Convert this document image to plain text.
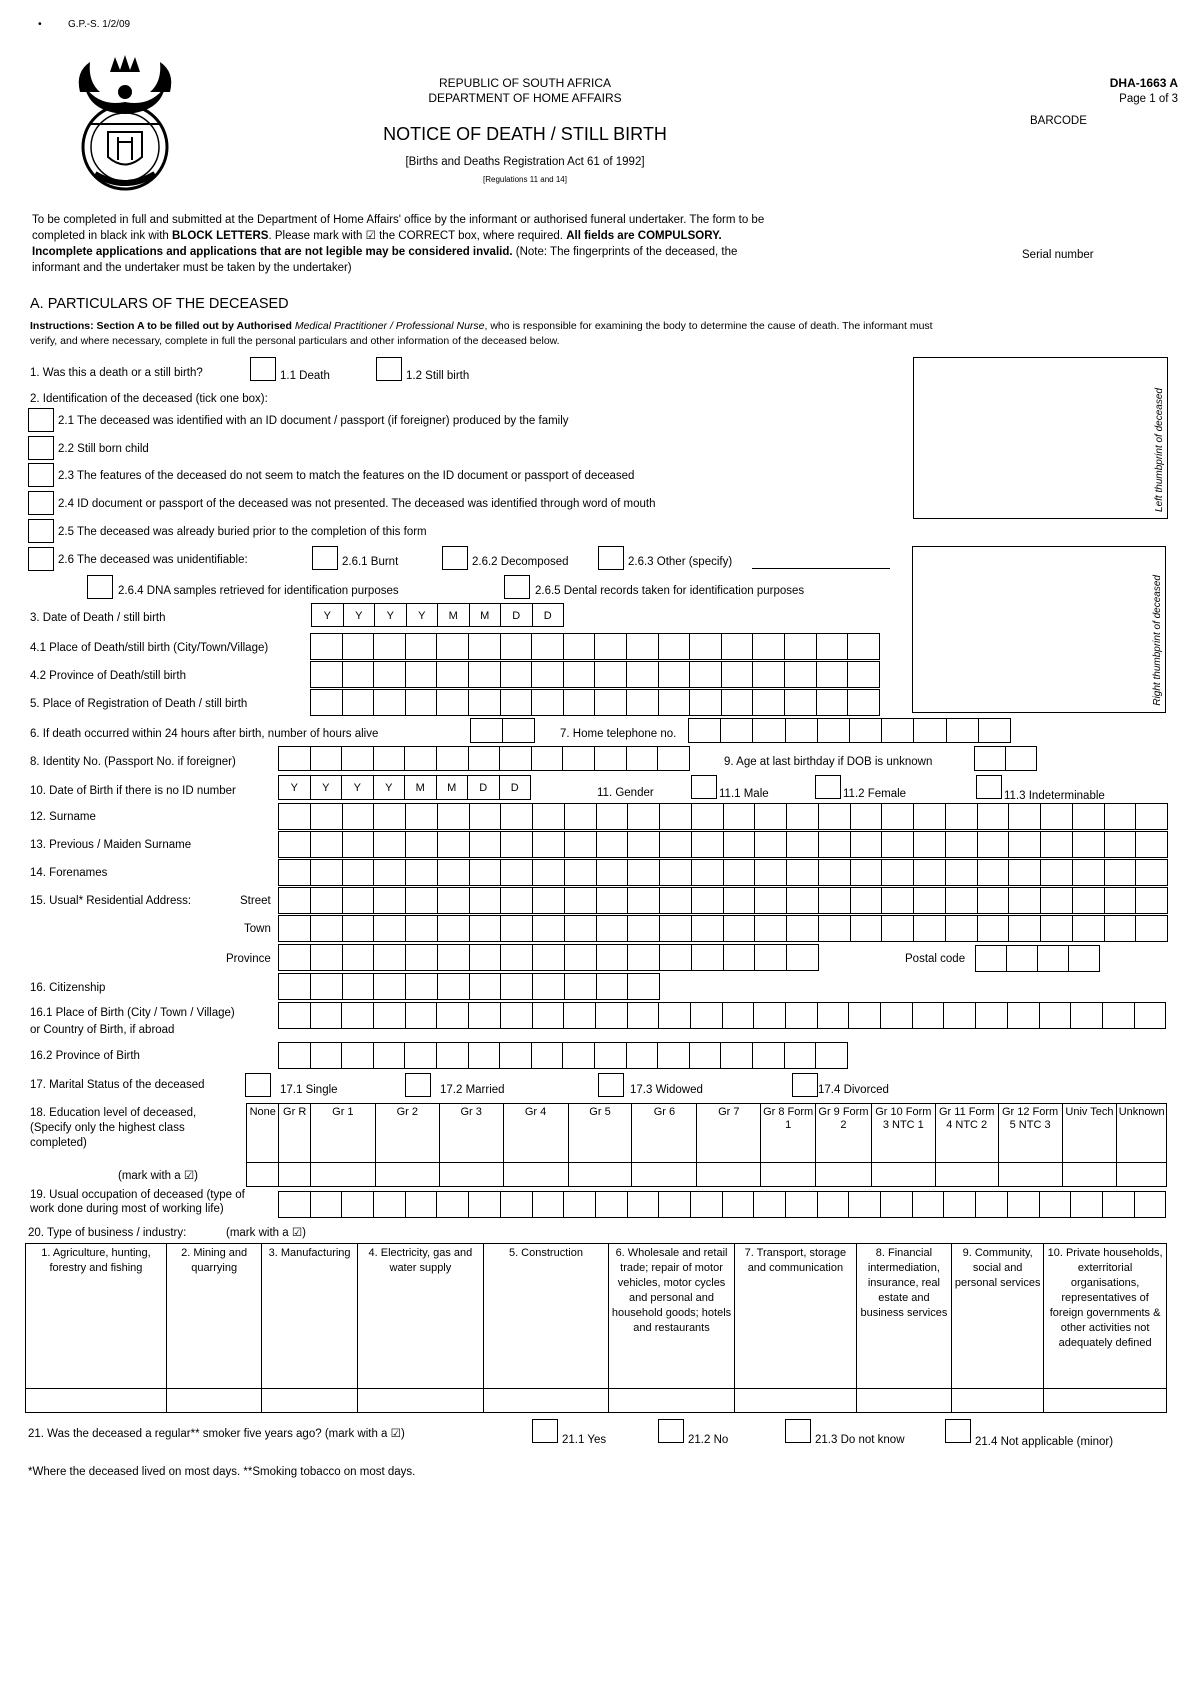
•	G.P.-S. 1/2/09
REPUBLIC OF SOUTH AFRICA
DEPARTMENT OF HOME AFFAIRS
NOTICE OF DEATH / STILL BIRTH
[Births and Deaths Registration Act 61 of 1992]
[Regulations 11 and 14]
DHA-1663 A
Page 1 of 3
BARCODE
To be completed in full and submitted at the Department of Home Affairs' office by the informant or authorised funeral undertaker. The form to be
completed in black ink with BLOCK LETTERS. Please mark with ☑ the CORRECT box, where required. All fields are COMPULSORY.
Incomplete applications and applications that are not legible may be considered invalid. (Note: The fingerprints of the deceased, the
informant and the undertaker must be taken by the undertaker)
Serial number
A. PARTICULARS OF THE DECEASED
Instructions: Section A to be filled out by Authorised Medical Practitioner / Professional Nurse, who is responsible for examining the body to determine the cause of death. The informant must
verify, and where necessary, complete in full the personal particulars and other information of the deceased below.
Left thumbprint of deceased
Right thumbprint of deceased
1. Was this a death or a still birth?	1.1 Death	1.2 Still birth
2. Identification of the deceased (tick one box):
2.1 The deceased was identified with an ID document / passport (if foreigner) produced by the family
2.2 Still born child
2.3 The features of the deceased do not seem to match the features on the ID document or passport of deceased
2.4 ID document or passport of the deceased was not presented. The deceased was identified through word of mouth
2.5 The deceased was already buried prior to the completion of this form
2.6 The deceased was unidentifiable:	2.6.1 Burnt	2.6.2 Decomposed	2.6.3 Other (specify)
2.6.4 DNA samples retrieved for identification purposes	2.6.5 Dental records taken for identification purposes
3. Date of Death / still birth	Y	Y	Y	Y	M	M	D	D
4.1 Place of Death/still birth (City/Town/Village)
4.2 Province of Death/still birth
5. Place of Registration of Death / still birth
6. If death occurred within 24 hours after birth, number of hours alive	7. Home telephone no.
8. Identity No. (Passport No. if foreigner)	9. Age at last birthday if DOB is unknown
10. Date of Birth if there is no ID number	Y	Y	Y	Y	M	M	D	D	11. Gender	11.1 Male	11.2 Female	11.3 Indeterminable
12. Surname
13. Previous / Maiden Surname
14. Forenames
15. Usual* Residential Address:	Street
Town
Province	Postal code
16. Citizenship
16.1 Place of Birth (City / Town / Village)
or Country of Birth, if abroad
16.2 Province of Birth
17. Marital Status of the deceased	17.1 Single	17.2 Married	17.3 Widowed	17.4 Divorced
18. Education level of deceased,
(Specify only the highest class
completed)
(mark with a ☑)
None	Gr R	Gr 1	Gr 2	Gr 3	Gr 4	Gr 5	Gr 6	Gr 7	Gr 8 Form 1	Gr 9 Form 2	Gr 10 Form 3 NTC 1	Gr 11 Form 4 NTC 2	Gr 12 Form 5 NTC 3	Univ Tech	Unknown

19. Usual occupation of deceased (type of
work done during most of working life)
20. Type of business / industry:	(mark with a ☑)
1. Agriculture, hunting, forestry and fishing	2. Mining and quarrying	3. Manufacturing	4. Electricity, gas and water supply	5. Construction	6. Wholesale and retail trade; repair of motor vehicles, motor cycles and personal and household goods; hotels and restaurants	7. Transport, storage and communication	8. Financial intermediation, insurance, real estate and business services	9. Community, social and personal services	10. Private households, exterritorial organisations, representatives of foreign governments & other activities not adequately defined

21. Was the deceased a regular** smoker five years ago? (mark with a ☑)	21.1 Yes	21.2 No	21.3 Do not know	21.4 Not applicable (minor)
*Where the deceased lived on most days. **Smoking tobacco on most days.
